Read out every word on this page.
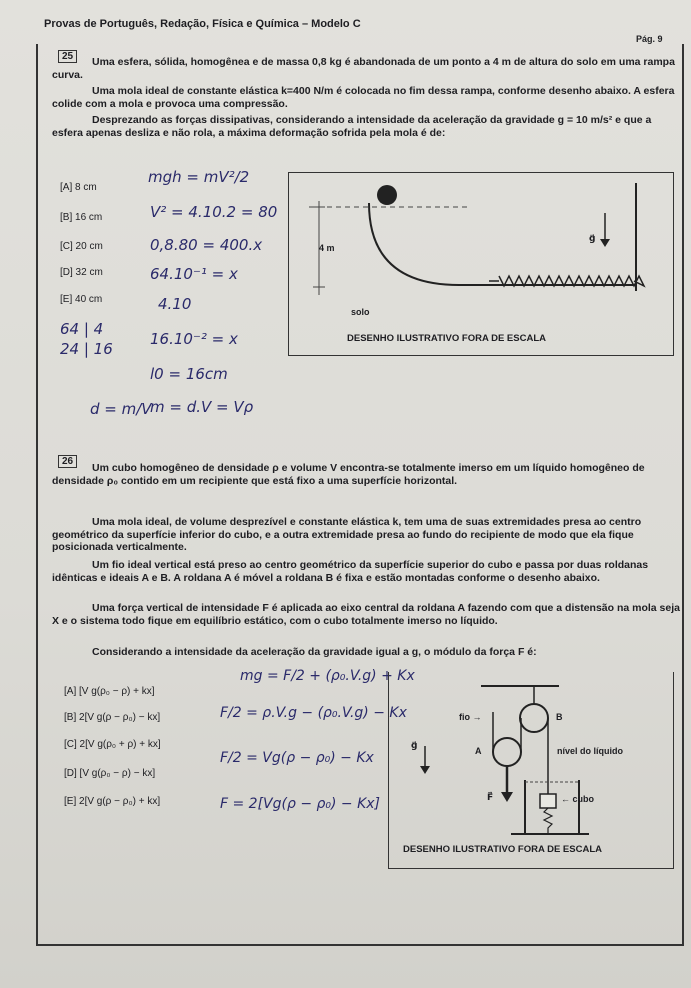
Provas de Português, Redação, Física e Química – Modelo C
Pág. 9
25	Uma esfera, sólida, homogênea e de massa 0,8 kg é abandonada de um ponto a 4 m de altura do solo em uma rampa curva.
Uma mola ideal de constante elástica k=400 N/m é colocada no fim dessa rampa, conforme desenho abaixo. A esfera colide com a mola e provoca uma compressão.
Desprezando as forças dissipativas, considerando a intensidade da aceleração da gravidade g = 10 m/s² e que a esfera apenas desliza e não rola, a máxima deformação sofrida pela mola é de:
[A] 8 cm
[B] 16 cm
[C] 20 cm
[D] 32 cm
[E] 40 cm
mgh = mV²/2
V² = 4.10.2 = 80
0,8.80 = 400.x
64.10⁻¹ = x
4.10
64 | 4
24 | 16
16.10⁻² = x
l0 = 16cm
d = m/V
m = d.V = Vρ
4 m
solo
g⃗
DESENHO ILUSTRATIVO FORA DE ESCALA
26
Um cubo homogêneo de densidade ρ e volume V encontra-se totalmente imerso em um líquido homogêneo de densidade ρ₀ contido em um recipiente que está fixo a uma superfície horizontal.
Uma mola ideal, de volume desprezível e constante elástica k, tem uma de suas extremidades presa ao centro geométrico da superfície inferior do cubo, e a outra extremidade presa ao fundo do recipiente de modo que ela fique posicionada verticalmente.
Um fio ideal vertical está preso ao centro geométrico da superfície superior do cubo e passa por duas roldanas idênticas e ideais A e B. A roldana A é móvel a roldana B é fixa e estão montadas conforme o desenho abaixo.
Uma força vertical de intensidade F é aplicada ao eixo central da roldana A fazendo com que a distensão na mola seja X e o sistema todo fique em equilíbrio estático, com o cubo totalmente imerso no líquido.
Considerando a intensidade da aceleração da gravidade igual a g, o módulo da força F é:
[A] [V g(ρ₀ − ρ) + kx]
[B] 2[V g(ρ − ρ₀) − kx]
[C] 2[V g(ρ₀ + ρ) + kx]
[D] [V g(ρ₀ − ρ) − kx]
[E] 2[V g(ρ − ρ₀) + kx]
mg = F/2 + (ρ₀.V.g) + Kx
F/2 = ρ.V.g − (ρ₀.V.g) − Kx
F/2 = Vg(ρ − ρ₀) − Kx
F = 2[Vg(ρ − ρ₀) − Kx]
fio →	B
A
g⃗
nível do líquido
F⃗	← cubo
DESENHO ILUSTRATIVO FORA DE ESCALA
